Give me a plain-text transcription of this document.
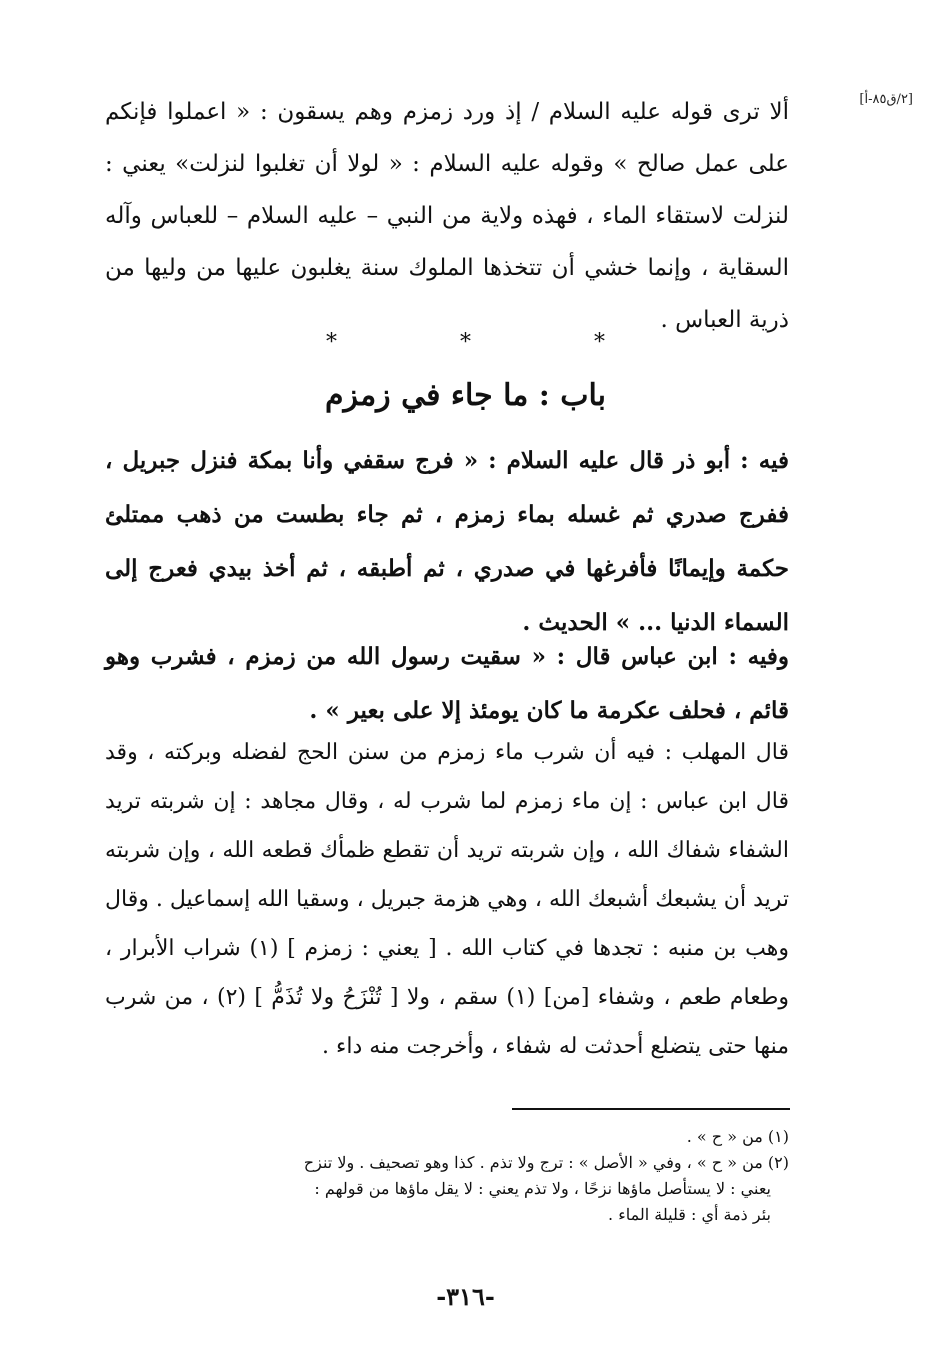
[٢/ق٨٥-أ]

ألا ترى قوله عليه السلام / إذ ورد زمزم وهم يسقون : « اعملوا فإنكم على عمل صالح » وقوله عليه السلام : « لولا أن تغلبوا لنزلت» يعني : لنزلت لاستقاء الماء ، فهذه ولاية من النبي – عليه السلام – للعباس وآله السقاية ، وإنما خشي أن تتخذها الملوك سنة يغلبون عليها من وليها من ذرية العباس .

* * *
باب : ما جاء في زمزم

فيه : أبو ذر قال عليه السلام : « فرج سقفي وأنا بمكة فنزل جبريل ، ففرج صدري ثم غسله بماء زمزم ، ثم جاء بطست من ذهب ممتلئ حكمة وإيمانًا فأفرغها في صدري ، ثم أطبقه ، ثم أخذ بيدي فعرج إلى السماء الدنيا ... » الحديث .

وفيه : ابن عباس قال : « سقيت رسول الله من زمزم ، فشرب وهو قائم ، فحلف عكرمة ما كان يومئذ إلا على بعير » .

قال المهلب : فيه أن شرب ماء زمزم من سنن الحج لفضله وبركته ، وقد قال ابن عباس : إن ماء زمزم لما شرب له ، وقال مجاهد : إن شربته تريد الشفاء شفاك الله ، وإن شربته تريد أن تقطع ظمأك قطعه الله ، وإن شربته تريد أن يشبعك أشبعك الله ، وهي هزمة جبريل ، وسقيا الله إسماعيل . وقال وهب بن منبه : تجدها في كتاب الله . [ يعني : زمزم ] (١) شراب الأبرار ، وطعام طعم ، وشفاء [من] (١) سقم ، ولا [ تُنْزَحُ ولا تُذَمُّ ] (٢) ، من شرب منها حتى يتضلع أحدثت له شفاء ، وأخرجت منه داء .

(١) من « ح » .

(٢) من « ح » ، وفي « الأصل » : ترج ولا تذم . كذا وهو تصحيف . ولا تنزح

يعني : لا يستأصل ماؤها نزحًا ، ولا تذم يعني : لا يقل ماؤها من قولهم :

بئر ذمة أي : قليلة الماء .

-٣١٦-
